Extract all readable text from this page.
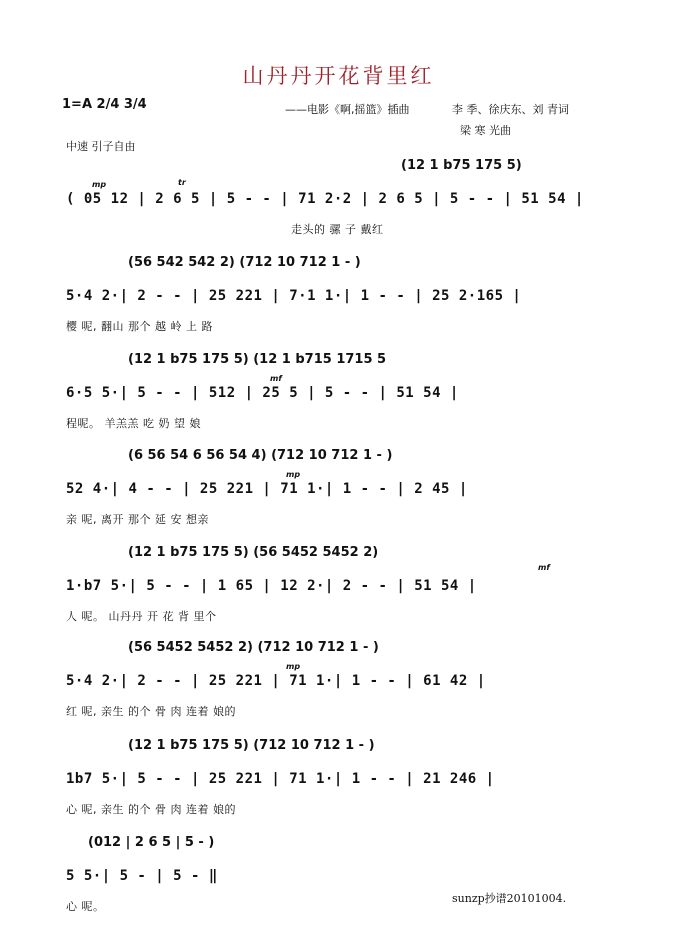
山丹丹开花背里红
1=A 2/4 3/4	——电影《啊,摇篮》插曲	李 季、徐庆东、刘 青词
梁 寒 光曲
中速 引子自由
(12 1 b75 175 5)
mp	tr
( 05 12 | 2 6 5 | 5 - - | 71 2·2 | 2 6 5 | 5 - - | 51 54 |
走头的 骡 子 戴红
(56 542 542 2) (712 10 712 1 - )
5·4 2·| 2 - - | 25 221 | 7·1 1·| 1 - - | 25 2·165 |
樱 呢, 翻山 那个 越 岭 上 路
(12 1 b75 175 5) (12 1 b715 1715 5
mf
6·5 5·| 5 - - | 512 | 25 5 | 5 - - | 51 54 |
程呢。 羊羔羔 吃 奶 望 娘
(6 56 54 6 56 54 4) (712 10 712 1 - )
mp
52 4·| 4 - - | 25 221 | 71 1·| 1 - - | 2 45 |
亲 呢, 离开 那个 延 安 想亲
(12 1 b75 175 5) (56 5452 5452 2)
mf
1·b7 5·| 5 - - | 1 65 | 12 2·| 2 - - | 51 54 |
人 呢。 山丹丹 开 花 背 里个
(56 5452 5452 2) (712 10 712 1 - )
mp
5·4 2·| 2 - - | 25 221 | 71 1·| 1 - - | 61 42 |
红 呢, 亲生 的个 骨 肉 连着 娘的
(12 1 b75 175 5) (712 10 712 1 - )
1b7 5·| 5 - - | 25 221 | 71 1·| 1 - - | 21 246 |
心 呢, 亲生 的个 骨 肉 连着 娘的
(012 | 2 6 5 | 5 - )
5 5·| 5 - | 5 - ‖
心 呢。
sunzp抄谱20101004.
